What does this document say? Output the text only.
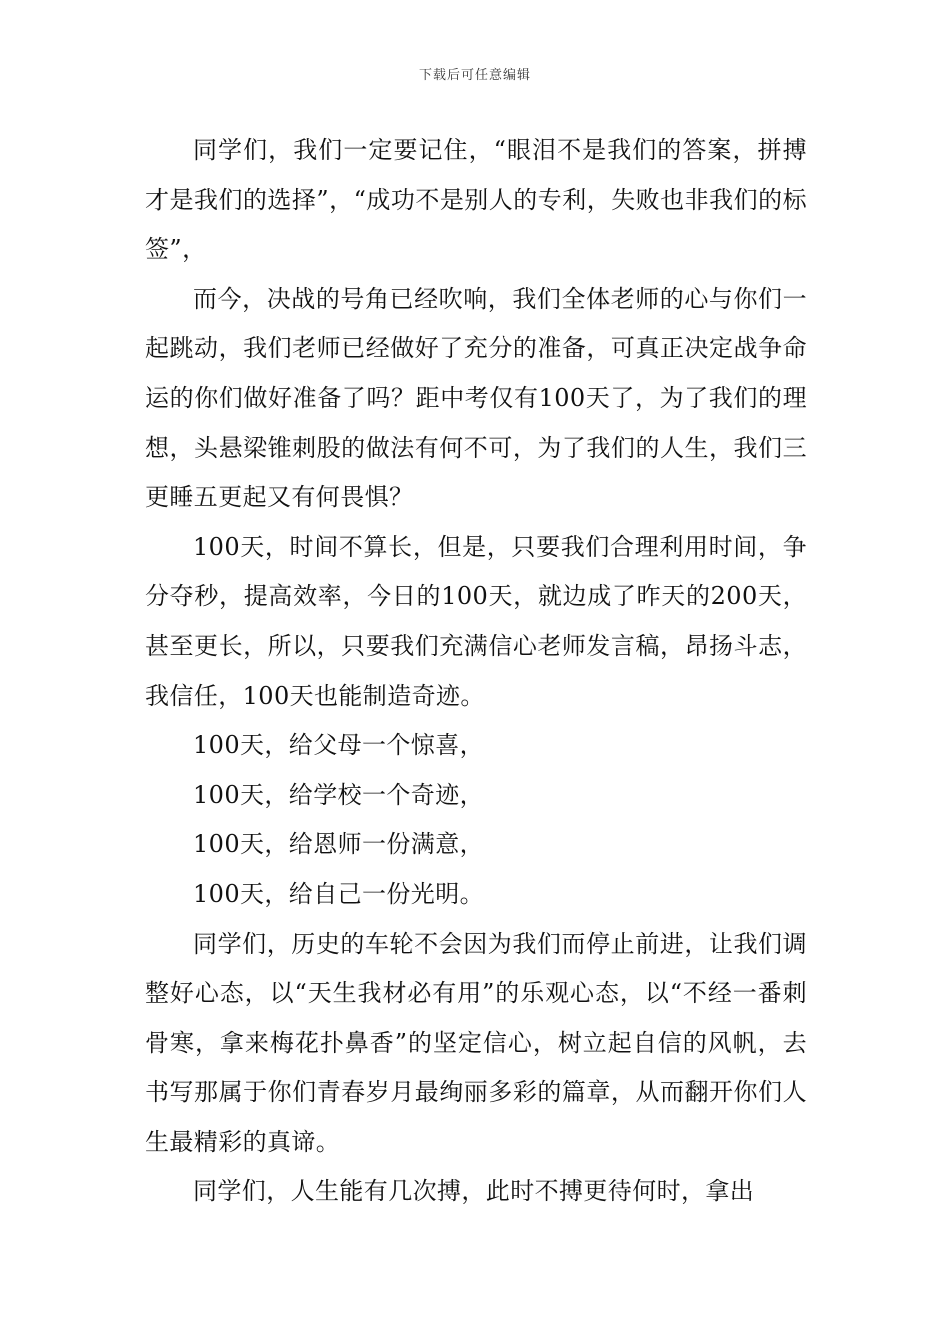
下载后可任意编辑

同学们，我们一定要记住，“眼泪不是我们的答案，拼搏才是我们的选择”，“成功不是别人的专利，失败也非我们的标签”，

而今，决战的号角已经吹响，我们全体老师的心与你们一起跳动，我们老师已经做好了充分的准备，可真正决定战争命运的你们做好准备了吗？距中考仅有100天了，为了我们的理想，头悬梁锥刺股的做法有何不可，为了我们的人生，我们三更睡五更起又有何畏惧？

100天，时间不算长，但是，只要我们合理利用时间，争分夺秒，提高效率，今日的100天，就边成了昨天的200天，甚至更长，所以，只要我们充满信心老师发言稿，昂扬斗志，我信任，100天也能制造奇迹。

100天，给父母一个惊喜，

100天，给学校一个奇迹，

100天，给恩师一份满意，

100天，给自己一份光明。

同学们，历史的车轮不会因为我们而停止前进，让我们调整好心态，以“天生我材必有用”的乐观心态，以“不经一番刺骨寒，拿来梅花扑鼻香”的坚定信心，树立起自信的风帆，去书写那属于你们青春岁月最绚丽多彩的篇章，从而翻开你们人生最精彩的真谛。

同学们，人生能有几次搏，此时不搏更待何时，拿出
